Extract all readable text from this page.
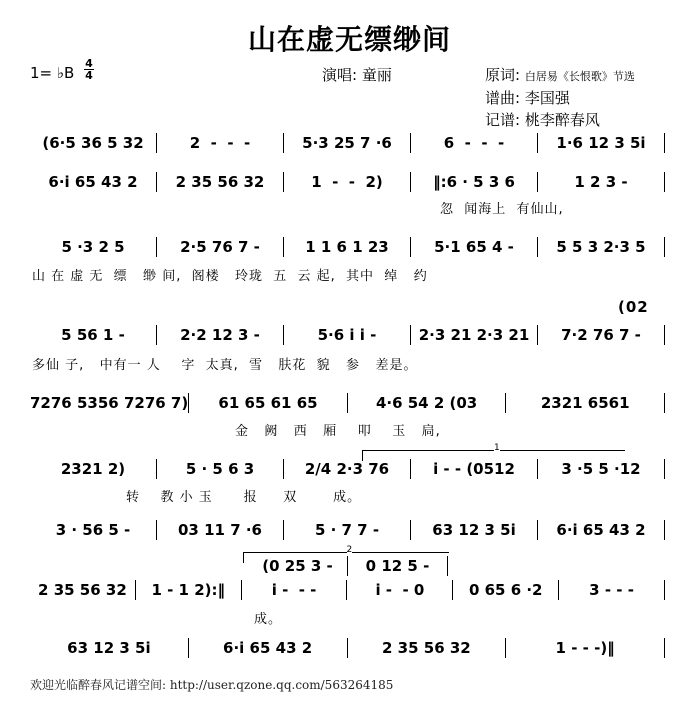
山在虚无缥缈间
1= ♭B
4
4	演唱: 童丽	原词: 白居易《长恨歌》节选
谱曲: 李国强
记谱: 桃李醉春风
(6·5 36 5 32	2  -  -  -	5·3 25 7 ·6	6  -  -  -	1·6 12 3 5i
6·i 65 43 2	2 35 56 32	1  -  -  2)	‖:6 · 5 3 6	1 2 3 -
忽  闻海上  有仙山,
5 ·3 2 5	2·5 76 7 -	1 1 6 1 23	5·1 65 4 -	5 5 3 2·3 5
山 在 虚 无  缥   缈 间,  阁楼   玲珑  五  云 起,  其中  绰   约
5 56 1 -	2·2 12 3 -	5·6 i i -	2·3 21 2·3 21	7·2 76 7 -
多仙 子,   中有一 人    字  太真,  雪   肤花  貌   参   差是。
(02
7276 5356 7276 7)	61 65 61 65	4·6 54 2 (03	2321 6561
金   阙   西   厢    叩    玉   扃,
2321 2)	5 · 5 6 3	2/4 2·3 76	i - - (0512	3 ·5 5 ·12
转    教 小 玉      报     双       成。
1
3 · 56 5 -	03 11 7 ·6	5 · 7 7 -	63 12 3 5i	6·i 65 43 2
2 35 56 32	1 - 1 2):‖	i -  - -	i -  - 0	0 65 6 ·2	3 - - -
成。
2
(0 25 3 -	0 12 5 -
63 12 3 5i	6·i 65 43 2	2 35 56 32	1 - - -)‖
欢迎光临醉春风记谱空间: http://user.qzone.qq.com/563264185
